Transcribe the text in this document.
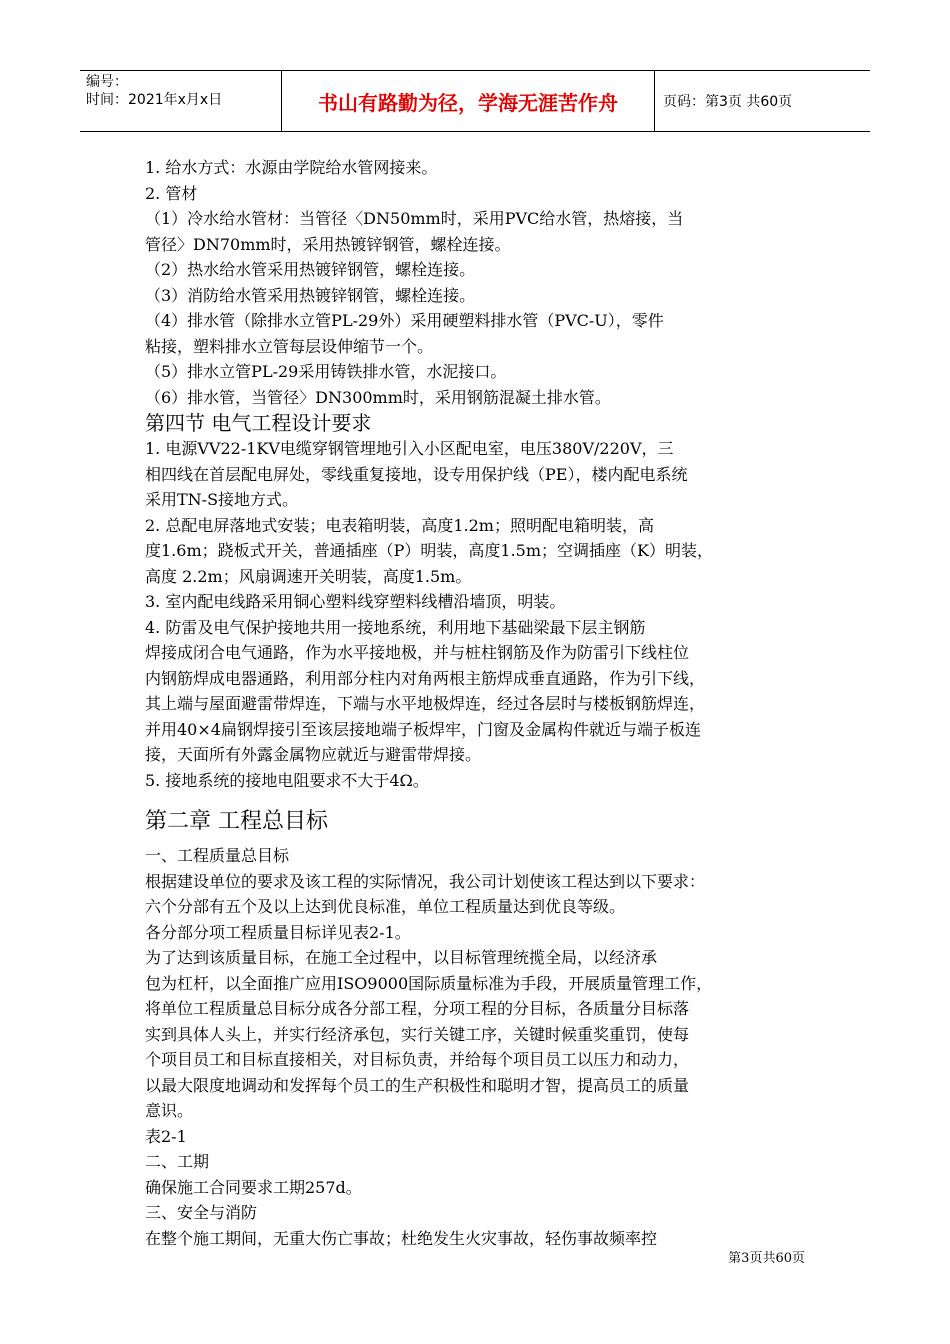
编号：
时间：2021年x月x日	书山有路勤为径，学海无涯苦作舟	页码：第3页 共60页
1. 给水方式：水源由学院给水管网接来。
2. 管材
（1）冷水给水管材：当管径〈DN50mm时，采用PVC给水管，热熔接，当
管径〉DN70mm时，采用热镀锌钢管，螺栓连接。
（2）热水给水管采用热镀锌钢管，螺栓连接。
（3）消防给水管采用热镀锌钢管，螺栓连接。
（4）排水管（除排水立管PL-29外）采用硬塑料排水管（PVC-U），零件
粘接，塑料排水立管每层设伸缩节一个。
（5）排水立管PL-29采用铸铁排水管，水泥接口。
（6）排水管，当管径〉DN300mm时，采用钢筋混凝土排水管。
第四节 电气工程设计要求
1. 电源VV22-1KV电缆穿钢管埋地引入小区配电室，电压380V/220V，三
相四线在首层配电屏处，零线重复接地，设专用保护线（PE），楼内配电系统
采用TN-S接地方式。
2. 总配电屏落地式安装；电表箱明装，高度1.2m；照明配电箱明装，高
度1.6m；跷板式开关，普通插座（P）明装，高度1.5m；空调插座（K）明装，
高度 2.2m；风扇调速开关明装，高度1.5m。
3. 室内配电线路采用铜心塑料线穿塑料线槽沿墙顶，明装。
4. 防雷及电气保护接地共用一接地系统，利用地下基础梁最下层主钢筋
焊接成闭合电气通路，作为水平接地极，并与桩柱钢筋及作为防雷引下线柱位
内钢筋焊成电器通路，利用部分柱内对角两根主筋焊成垂直通路，作为引下线，
其上端与屋面避雷带焊连，下端与水平地极焊连，经过各层时与楼板钢筋焊连，
并用40×4扁钢焊接引至该层接地端子板焊牢，门窗及金属构件就近与端子板连
接，天面所有外露金属物应就近与避雷带焊接。
5. 接地系统的接地电阻要求不大于4Ω。
第二章 工程总目标
一、工程质量总目标
根据建设单位的要求及该工程的实际情况，我公司计划使该工程达到以下要求：
六个分部有五个及以上达到优良标准，单位工程质量达到优良等级。
各分部分项工程质量目标详见表2-1。
为了达到该质量目标，在施工全过程中，以目标管理统揽全局，以经济承
包为杠杆，以全面推广应用ISO9000国际质量标准为手段，开展质量管理工作，
将单位工程质量总目标分成各分部工程，分项工程的分目标，各质量分目标落
实到具体人头上，并实行经济承包，实行关键工序，关键时候重奖重罚，使每
个项目员工和目标直接相关，对目标负责，并给每个项目员工以压力和动力，
以最大限度地调动和发挥每个员工的生产积极性和聪明才智，提高员工的质量
意识。
表2-1
二、工期
确保施工合同要求工期257d。
三、安全与消防
在整个施工期间，无重大伤亡事故；杜绝发生火灾事故，轻伤事故频率控
第3页共60页
